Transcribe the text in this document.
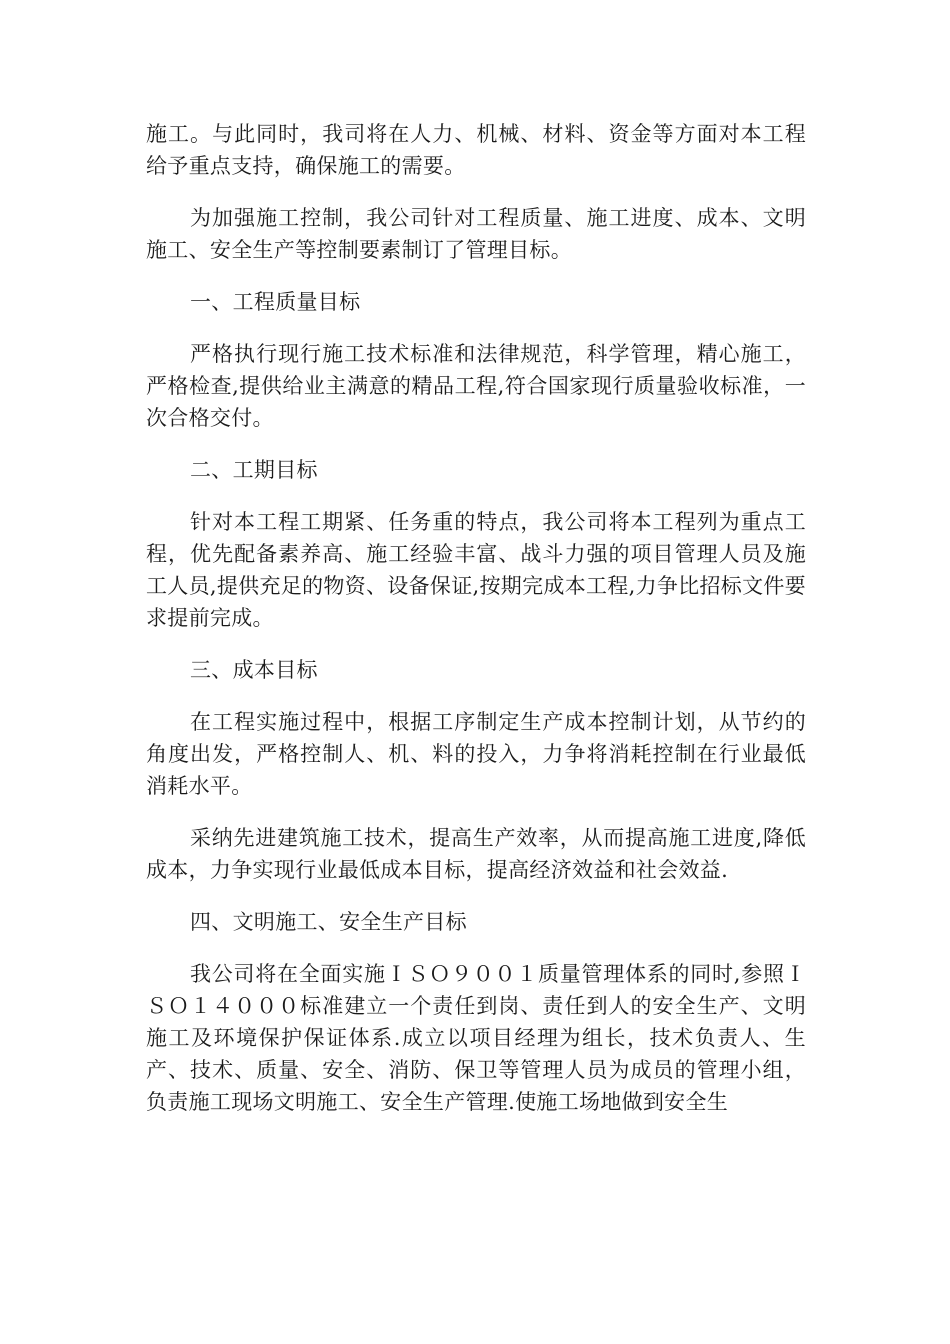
施工。与此同时，我司将在人力、机械、材料、资金等方面对本工程给予重点支持，确保施工的需要。

为加强施工控制，我公司针对工程质量、施工进度、成本、文明施工、安全生产等控制要素制订了管理目标。

一、工程质量目标

严格执行现行施工技术标准和法律规范，科学管理，精心施工，严格检查,提供给业主满意的精品工程,符合国家现行质量验收标准，一次合格交付。

二、工期目标

针对本工程工期紧、任务重的特点，我公司将本工程列为重点工程，优先配备素养高、施工经验丰富、战斗力强的项目管理人员及施工人员,提供充足的物资、设备保证,按期完成本工程,力争比招标文件要求提前完成。

三、成本目标

在工程实施过程中，根据工序制定生产成本控制计划，从节约的角度出发，严格控制人、机、料的投入，力争将消耗控制在行业最低消耗水平。

采纳先进建筑施工技术，提高生产效率，从而提高施工进度,降低成本，力争实现行业最低成本目标，提高经济效益和社会效益.

四、文明施工、安全生产目标

我公司将在全面实施ＩＳＯ９００１质量管理体系的同时,参照ＩＳＯ１４０００标准建立一个责任到岗、责任到人的安全生产、文明施工及环境保护保证体系.成立以项目经理为组长，技术负责人、生产、技术、质量、安全、消防、保卫等管理人员为成员的管理小组，负责施工现场文明施工、安全生产管理.使施工场地做到安全生
